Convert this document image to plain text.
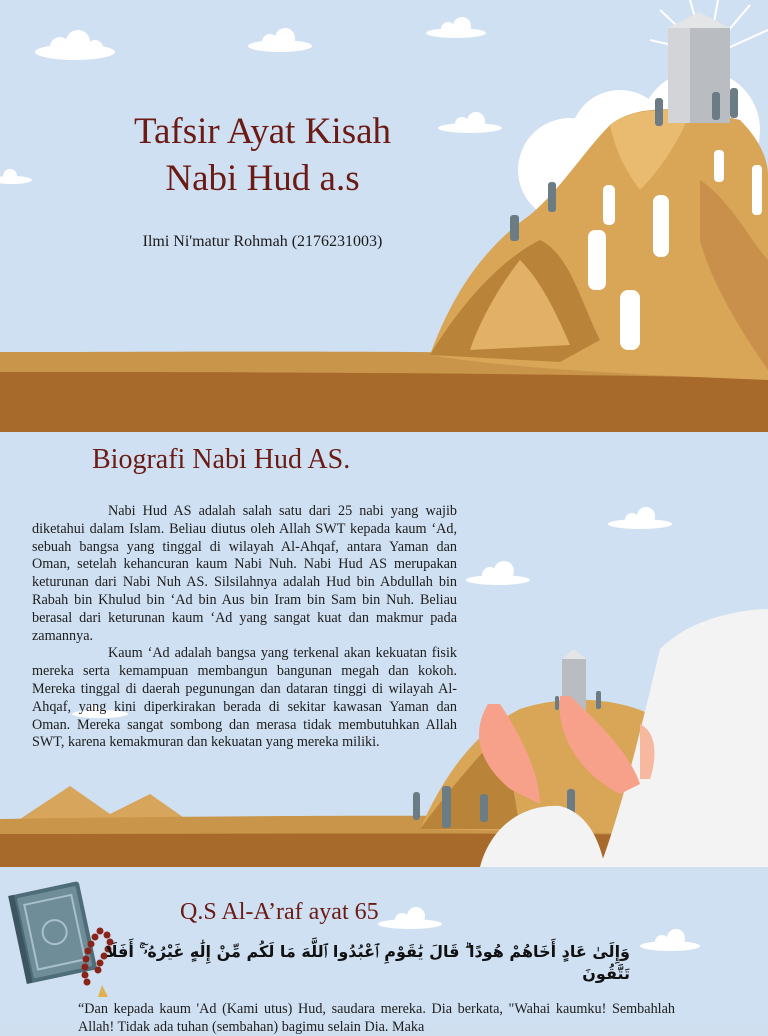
Tafsir Ayat Kisah Nabi Hud a.s
Ilmi Ni'matur Rohmah (2176231003)
Biografi Nabi Hud AS.

Nabi Hud AS adalah salah satu dari 25 nabi yang wajib diketahui dalam Islam. Beliau diutus oleh Allah SWT kepada kaum ‘Ad, sebuah bangsa yang tinggal di wilayah Al-Ahqaf, antara Yaman dan Oman, setelah kehancuran kaum Nabi Nuh. Nabi Hud AS merupakan keturunan dari Nabi Nuh AS. Silsilahnya adalah Hud bin Abdullah bin Rabah bin Khulud bin ‘Ad bin Aus bin Iram bin Sam bin Nuh. Beliau berasal dari keturunan kaum ‘Ad yang sangat kuat dan makmur pada zamannya.

Kaum ‘Ad adalah bangsa yang terkenal akan kekuatan fisik mereka serta kemampuan membangun bangunan megah dan kokoh. Mereka tinggal di daerah pegunungan dan dataran tinggi di wilayah Al-Ahqaf, yang kini diperkirakan berada di sekitar kawasan Yaman dan Oman. Mereka sangat sombong dan merasa tidak membutuhkan Allah SWT, karena kemakmuran dan kekuatan yang mereka miliki.

Q.S Al-A’raf ayat 65
وَإِلَىٰ عَادٍ أَخَاهُمْ هُودًا ۗ قَالَ يَٰقَوْمِ ٱعْبُدُوا ٱللَّهَ مَا لَكُم مِّنْ إِلَٰهٍ غَيْرُهُۥٓ ۚ أَفَلَا تَتَّقُونَ
“Dan kepada kaum 'Ad (Kami utus) Hud, saudara mereka. Dia berkata, "Wahai kaumku! Sembahlah Allah! Tidak ada tuhan (sembahan) bagimu selain Dia. Maka
